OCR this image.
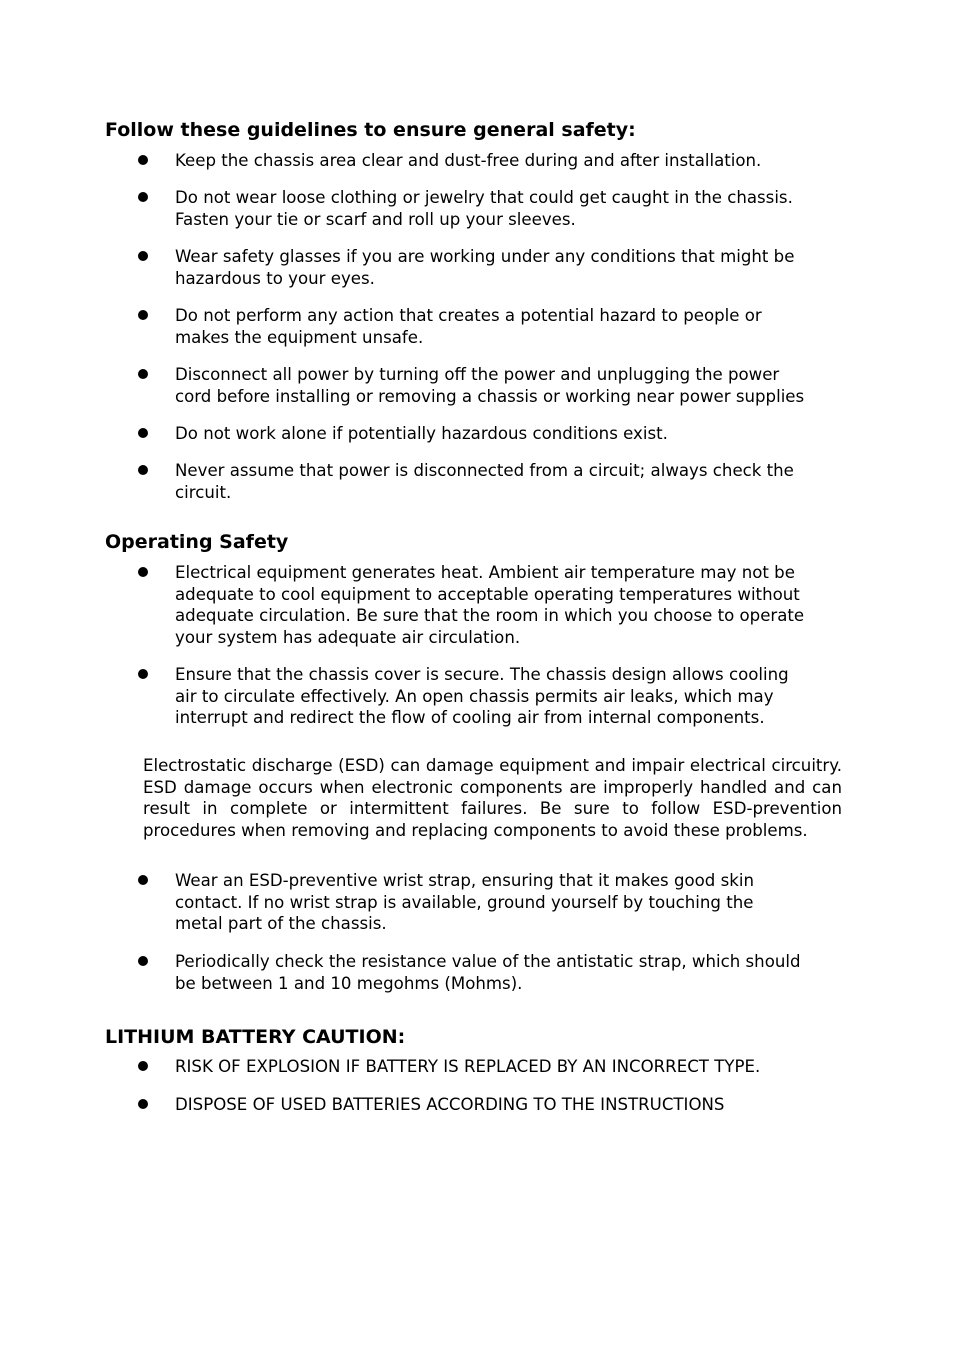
Follow these guidelines to ensure general safety:

Keep the chassis area clear and dust-free during and after installation.

Do not wear loose clothing or jewelry that could get caught in the chassis.
Fasten your tie or scarf and roll up your sleeves.

Wear safety glasses if you are working under any conditions that might be
hazardous to your eyes.

Do not perform any action that creates a potential hazard to people or
makes the equipment unsafe.

Disconnect all power by turning off the power and unplugging the power
cord before installing or removing a chassis or working near power supplies

Do not work alone if potentially hazardous conditions exist.

Never assume that power is disconnected from a circuit; always check the
circuit.

Operating Safety

Electrical equipment generates heat. Ambient air temperature may not be
adequate to cool equipment to acceptable operating temperatures without
adequate circulation. Be sure that the room in which you choose to operate
your system has adequate air circulation.

Ensure that the chassis cover is secure. The chassis design allows cooling
air to circulate effectively. An open chassis permits air leaks, which may
interrupt and redirect the flow of cooling air from internal components.

Electrostatic discharge (ESD) can damage equipment and impair electrical circuitry. ESD damage occurs when electronic components are improperly handled and can result in complete or intermittent failures. Be sure to follow ESD-prevention procedures when removing and replacing components to avoid these problems.

Wear an ESD-preventive wrist strap, ensuring that it makes good skin
contact. If no wrist strap is available, ground yourself by touching the
metal part of the chassis.

Periodically check the resistance value of the antistatic strap, which should
be between 1 and 10 megohms (Mohms).

LITHIUM BATTERY CAUTION:

RISK OF EXPLOSION IF BATTERY IS REPLACED BY AN INCORRECT TYPE.

DISPOSE OF USED BATTERIES ACCORDING TO THE INSTRUCTIONS
